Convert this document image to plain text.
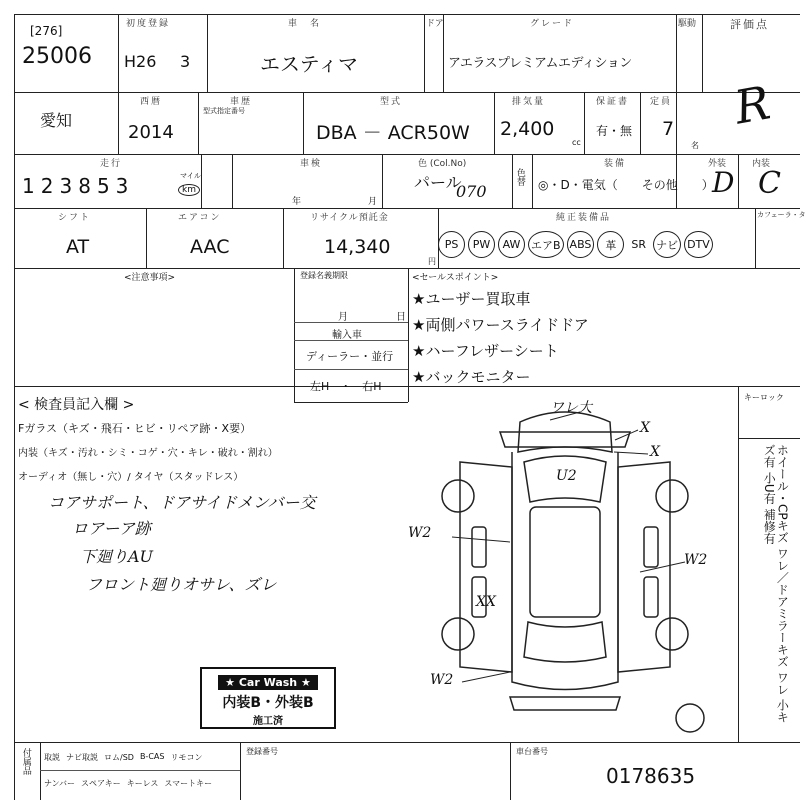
[276]
25006
初度登録
H26 3
車　名
エスティマ
ドア	グレード
アエラスプレミアムエディション
駆動	評価点
R
愛知
西暦
2014
車歴
型式指定番号
型式
DBA － ACR50W
排気量
2,400
cc
保証書
有・無
定員
7
名
走行
1 2 3 8 5 3	マイル
km
車検
年	月
色 (Col.No)
パール
070
色替
装備
◎・D・電気（　　その他　　）
外装
D
内装
C
シフト
AT
エアコン
AAC
リサイクル預託金
14,340
円
純正装備品
PS	PW	AW エアB ABS	革	SR ナビ DTV
カフェーラ・タ
<注意事項>	登録名義期限
月	日
輸入車
ディーラー・並行
左H　・　右H
<セールスポイント>
★ユーザー買取車
★両側パワースライドドア
★ハーフレザーシート
★バックモニター
< 検査員記入欄 >
Fガラス（キズ・飛石・ヒビ・リペア跡・X要）
内装（キズ・汚れ・シミ・コゲ・穴・キレ・破れ・割れ）
オーディオ（無し・穴）/ タイヤ（スタッドレス）
コアサポート、ドアサイドメンバー交
ロアーア跡
下廻りAU
フロント廻りオサレ、ズレ
キーロック
ホイール・CPキズ ワレ／ドアミラーキズ ワレ 小キズ有 小U有 補修有
ワレ大
X
X
U2
W2
W2
W2
XX
★ Car Wash ★
内装B・外装B
施工済
付属品 取説 ナビ取説 ロム/SD B-CAS リモコン
ナンバー スペアキー キーレス スマートキー
登録番号	車台番号
0178635
